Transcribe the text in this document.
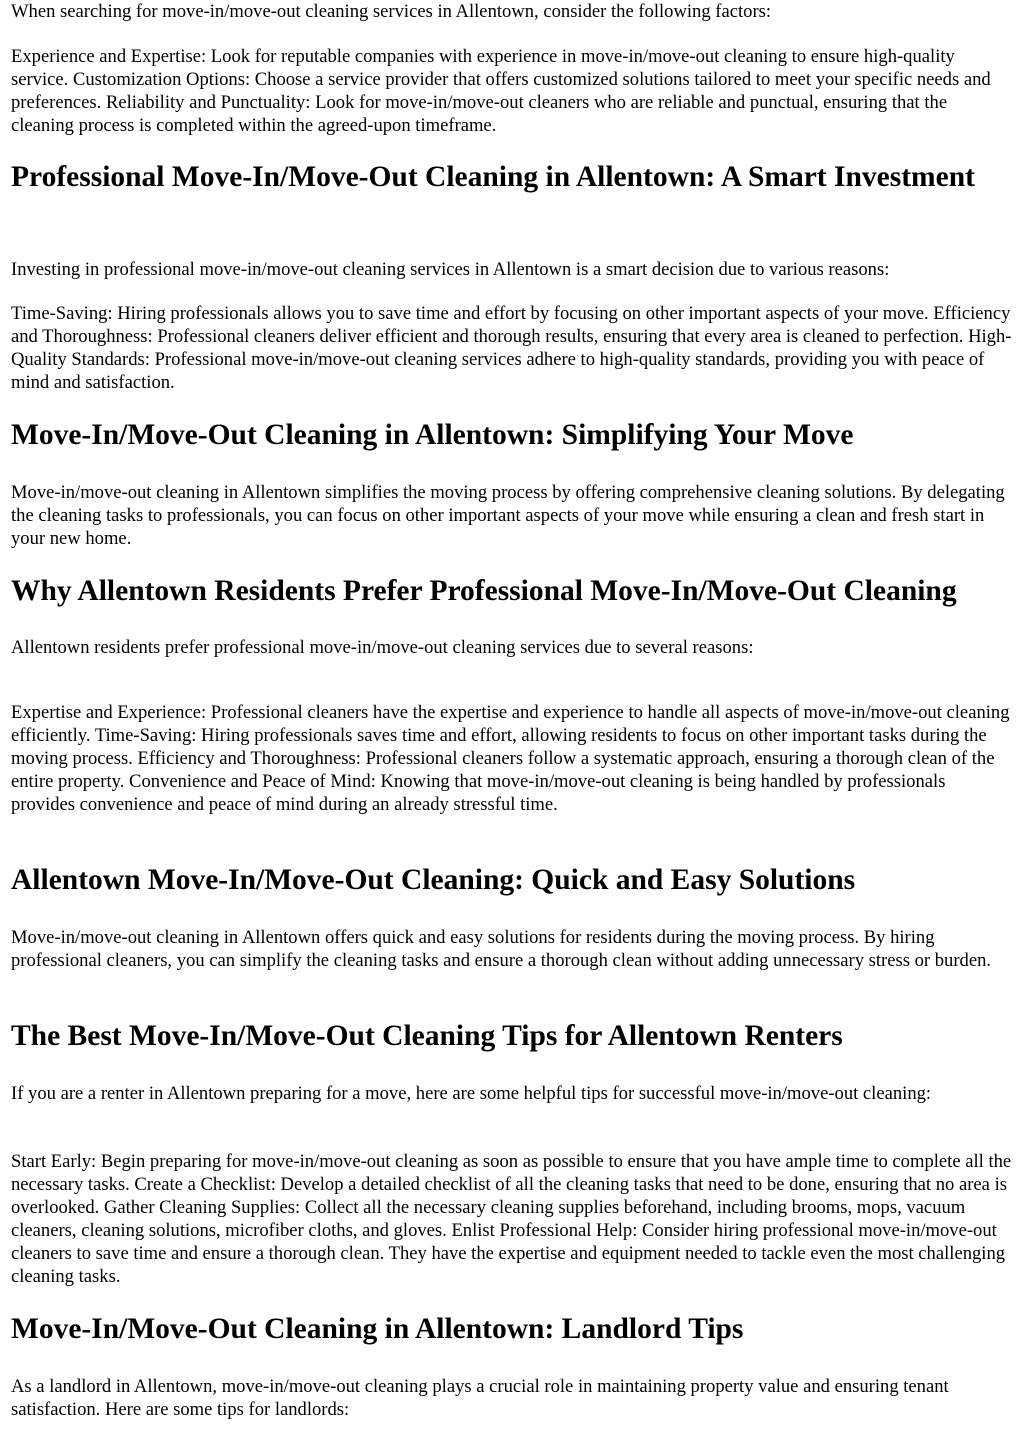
When searching for move-in/move-out cleaning services in Allentown, consider the following factors:

Experience and Expertise: Look for reputable companies with experience in move-in/move-out cleaning to ensure high-quality service. Customization Options: Choose a service provider that offers customized solutions tailored to meet your specific needs and preferences. Reliability and Punctuality: Look for move-in/move-out cleaners who are reliable and punctual, ensuring that the cleaning process is completed within the agreed-upon timeframe.

Professional Move-In/Move-Out Cleaning in Allentown: A Smart Investment

Investing in professional move-in/move-out cleaning services in Allentown is a smart decision due to various reasons:

Time-Saving: Hiring professionals allows you to save time and effort by focusing on other important aspects of your move. Efficiency and Thoroughness: Professional cleaners deliver efficient and thorough results, ensuring that every area is cleaned to perfection. High-Quality Standards: Professional move-in/move-out cleaning services adhere to high-quality standards, providing you with peace of mind and satisfaction.

Move-In/Move-Out Cleaning in Allentown: Simplifying Your Move

Move-in/move-out cleaning in Allentown simplifies the moving process by offering comprehensive cleaning solutions. By delegating the cleaning tasks to professionals, you can focus on other important aspects of your move while ensuring a clean and fresh start in your new home.

Why Allentown Residents Prefer Professional Move-In/Move-Out Cleaning

Allentown residents prefer professional move-in/move-out cleaning services due to several reasons:

Expertise and Experience: Professional cleaners have the expertise and experience to handle all aspects of move-in/move-out cleaning efficiently. Time-Saving: Hiring professionals saves time and effort, allowing residents to focus on other important tasks during the moving process. Efficiency and Thoroughness: Professional cleaners follow a systematic approach, ensuring a thorough clean of the entire property. Convenience and Peace of Mind: Knowing that move-in/move-out cleaning is being handled by professionals provides convenience and peace of mind during an already stressful time.

Allentown Move-In/Move-Out Cleaning: Quick and Easy Solutions

Move-in/move-out cleaning in Allentown offers quick and easy solutions for residents during the moving process. By hiring professional cleaners, you can simplify the cleaning tasks and ensure a thorough clean without adding unnecessary stress or burden.

The Best Move-In/Move-Out Cleaning Tips for Allentown Renters

If you are a renter in Allentown preparing for a move, here are some helpful tips for successful move-in/move-out cleaning:

Start Early: Begin preparing for move-in/move-out cleaning as soon as possible to ensure that you have ample time to complete all the necessary tasks. Create a Checklist: Develop a detailed checklist of all the cleaning tasks that need to be done, ensuring that no area is overlooked. Gather Cleaning Supplies: Collect all the necessary cleaning supplies beforehand, including brooms, mops, vacuum cleaners, cleaning solutions, microfiber cloths, and gloves. Enlist Professional Help: Consider hiring professional move-in/move-out cleaners to save time and ensure a thorough clean. They have the expertise and equipment needed to tackle even the most challenging cleaning tasks.

Move-In/Move-Out Cleaning in Allentown: Landlord Tips

As a landlord in Allentown, move-in/move-out cleaning plays a crucial role in maintaining property value and ensuring tenant satisfaction. Here are some tips for landlords:
